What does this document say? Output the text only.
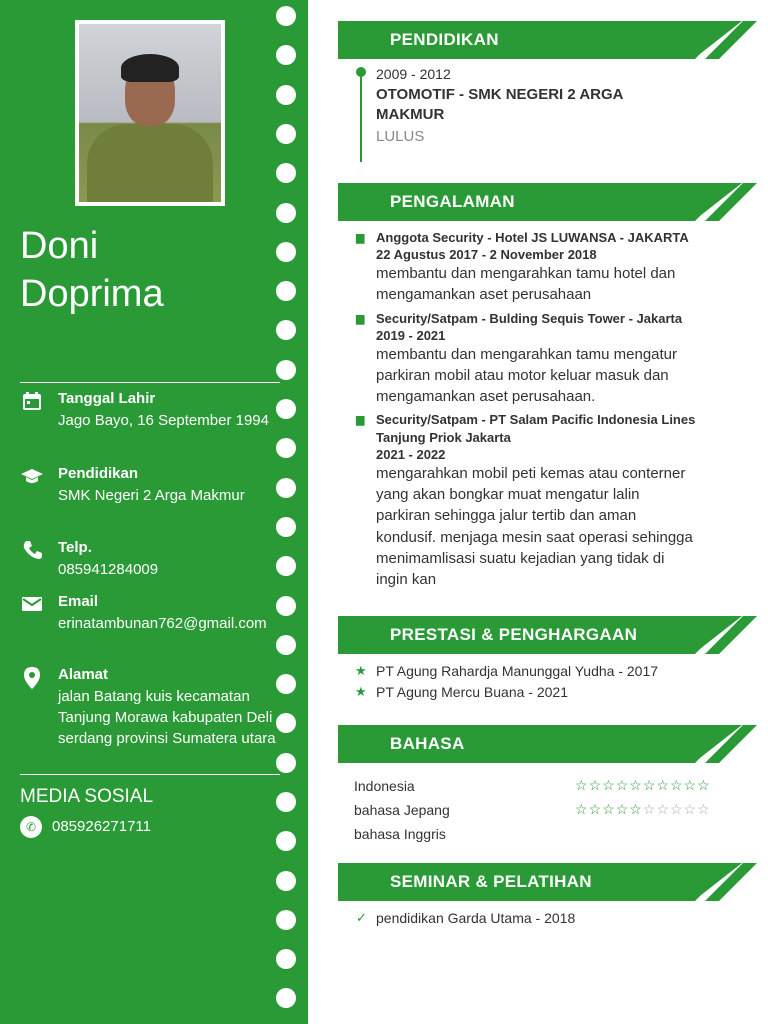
Doni
Doprima
Tanggal Lahir
Jago Bayo, 16 September 1994
Pendidikan
SMK Negeri 2 Arga Makmur
Telp.
085941284009
Email
erinatambunan762@gmail.com
Alamat
jalan Batang kuis kecamatan Tanjung Morawa kabupaten Deli serdang provinsi Sumatera utara
MEDIA SOSIAL
✆ 085926271711
PENDIDIKAN
2009 - 2012
OTOMOTIF - SMK NEGERI 2 ARGA
MAKMUR
LULUS
PENGALAMAN
▆ Anggota Security - Hotel JS LUWANSA - JAKARTA
22 Agustus 2017 - 2 November 2018
membantu dan mengarahkan tamu hotel dan
mengamankan aset perusahaan
▆ Security/Satpam - Bulding Sequis Tower - Jakarta
2019 - 2021
membantu dan mengarahkan tamu mengatur
parkiran mobil atau motor keluar masuk dan
mengamankan aset perusahaan.
▆ Security/Satpam - PT Salam Pacific Indonesia Lines
Tanjung Priok Jakarta
2021 - 2022
mengarahkan mobil peti kemas atau conterner
yang akan bongkar muat mengatur lalin
parkiran sehingga jalur tertib dan aman
kondusif. menjaga mesin saat operasi sehingga
menimamlisasi suatu kejadian yang tidak di
ingin kan
PRESTASI & PENGHARGAAN
★ PT Agung Rahardja Manunggal Yudha - 2017
★ PT Agung Mercu Buana - 2021
BAHASA
Indonesia	☆☆☆☆☆☆☆☆☆☆
bahasa Jepang	☆☆☆☆☆☆☆☆☆☆
bahasa Inggris
SEMINAR & PELATIHAN
✓ pendidikan Garda Utama - 2018
